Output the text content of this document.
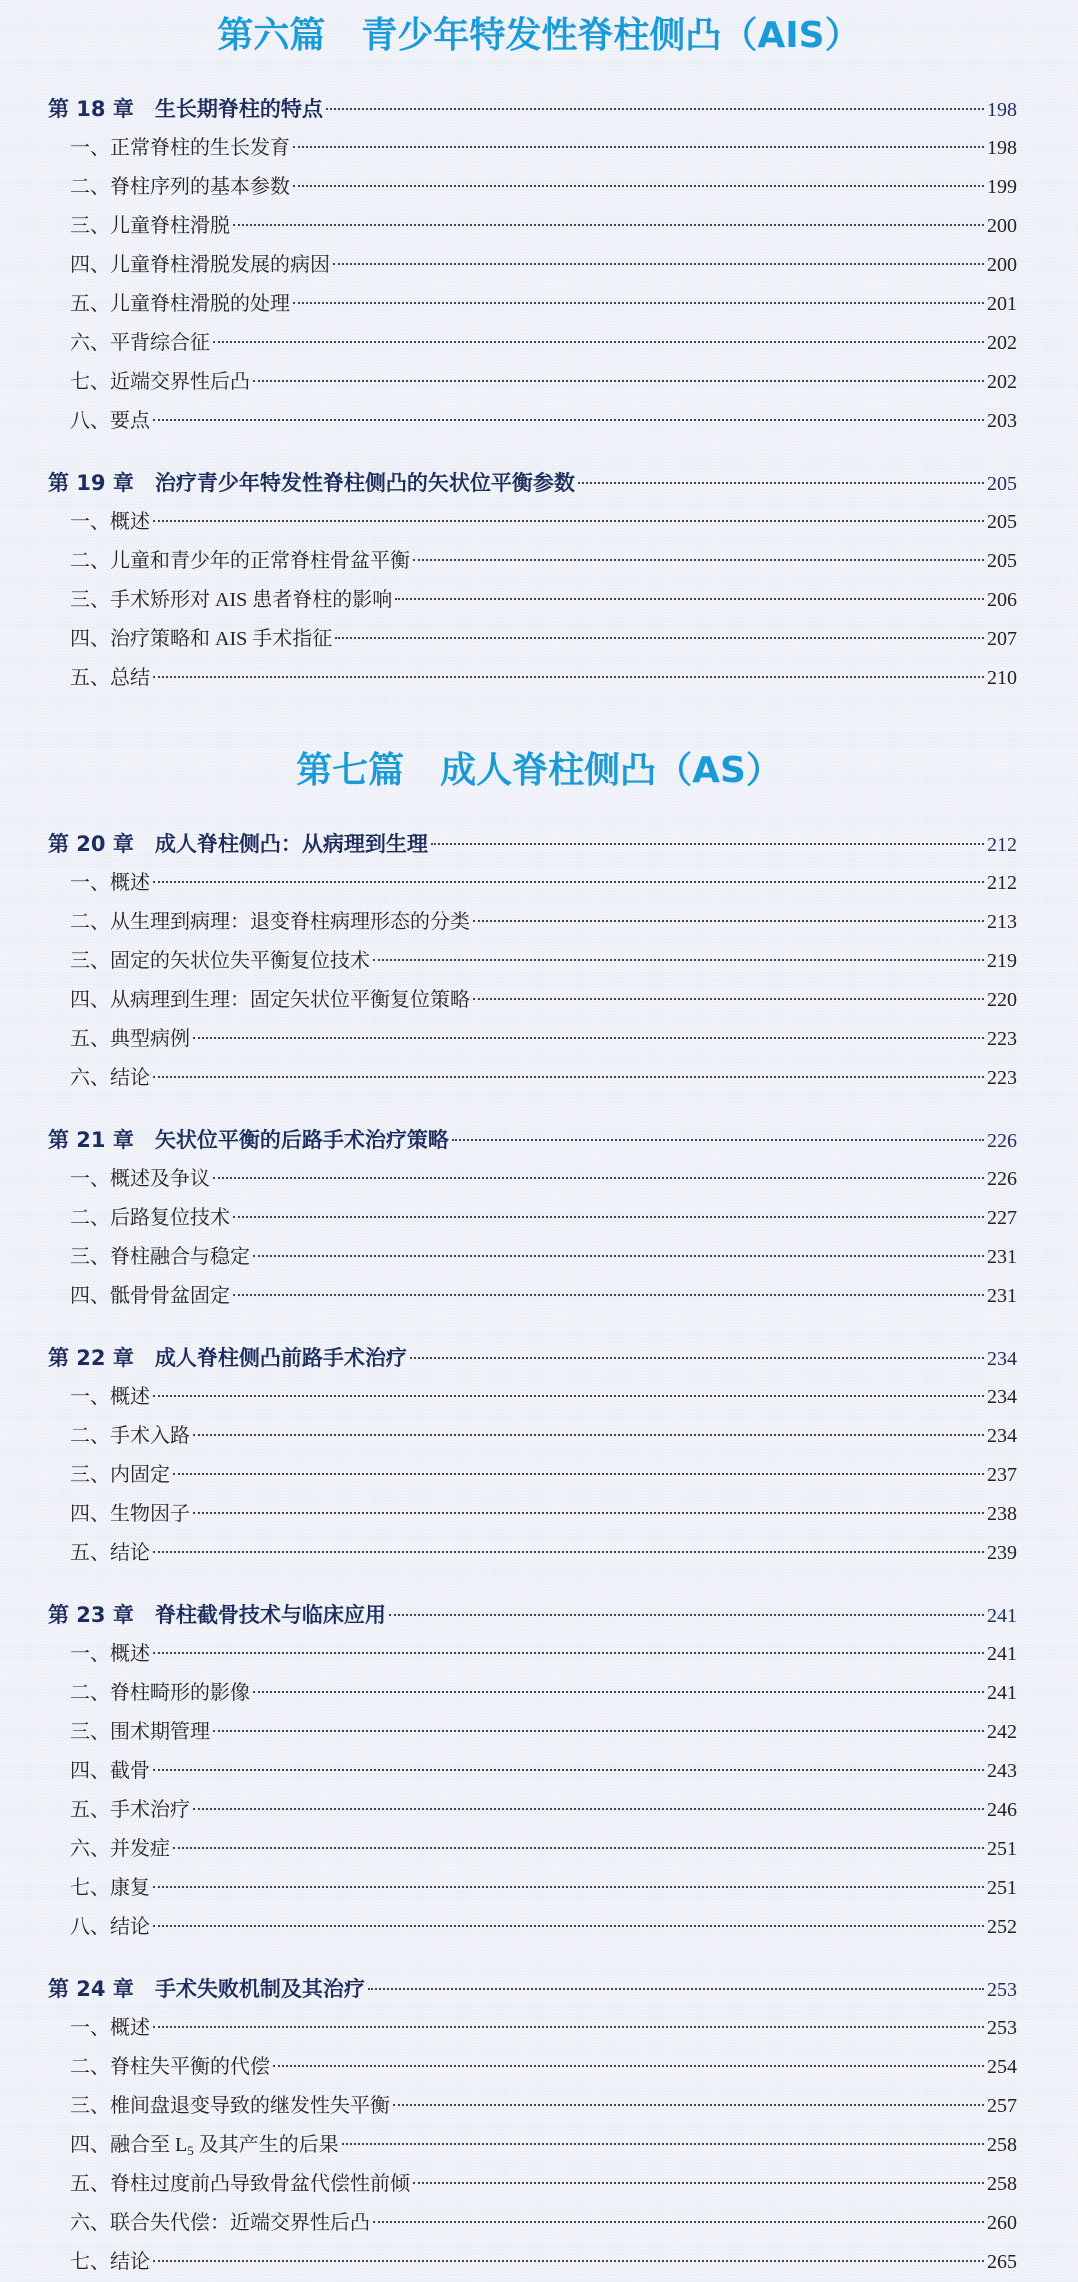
第六篇　青少年特发性脊柱侧凸（AIS）
第 18 章　生长期脊柱的特点	198
一、正常脊柱的生长发育	198
二、脊柱序列的基本参数	199
三、儿童脊柱滑脱	200
四、儿童脊柱滑脱发展的病因	200
五、儿童脊柱滑脱的处理	201
六、平背综合征	202
七、近端交界性后凸	202
八、要点	203
第 19 章　治疗青少年特发性脊柱侧凸的矢状位平衡参数	205
一、概述	205
二、儿童和青少年的正常脊柱骨盆平衡	205
三、手术矫形对 AIS 患者脊柱的影响	206
四、治疗策略和 AIS 手术指征	207
五、总结	210
第七篇　成人脊柱侧凸（AS）
第 20 章　成人脊柱侧凸：从病理到生理	212
一、概述	212
二、从生理到病理：退变脊柱病理形态的分类	213
三、固定的矢状位失平衡复位技术	219
四、从病理到生理：固定矢状位平衡复位策略	220
五、典型病例	223
六、结论	223
第 21 章　矢状位平衡的后路手术治疗策略	226
一、概述及争议	226
二、后路复位技术	227
三、脊柱融合与稳定	231
四、骶骨骨盆固定	231
第 22 章　成人脊柱侧凸前路手术治疗	234
一、概述	234
二、手术入路	234
三、内固定	237
四、生物因子	238
五、结论	239
第 23 章　脊柱截骨技术与临床应用	241
一、概述	241
二、脊柱畸形的影像	241
三、围术期管理	242
四、截骨	243
五、手术治疗	246
六、并发症	251
七、康复	251
八、结论	252
第 24 章　手术失败机制及其治疗	253
一、概述	253
二、脊柱失平衡的代偿	254
三、椎间盘退变导致的继发性失平衡	257
四、融合至 $L_5$ 及其产生的后果	258
五、脊柱过度前凸导致骨盆代偿性前倾	258
六、联合失代偿：近端交界性后凸	260
七、结论	265
